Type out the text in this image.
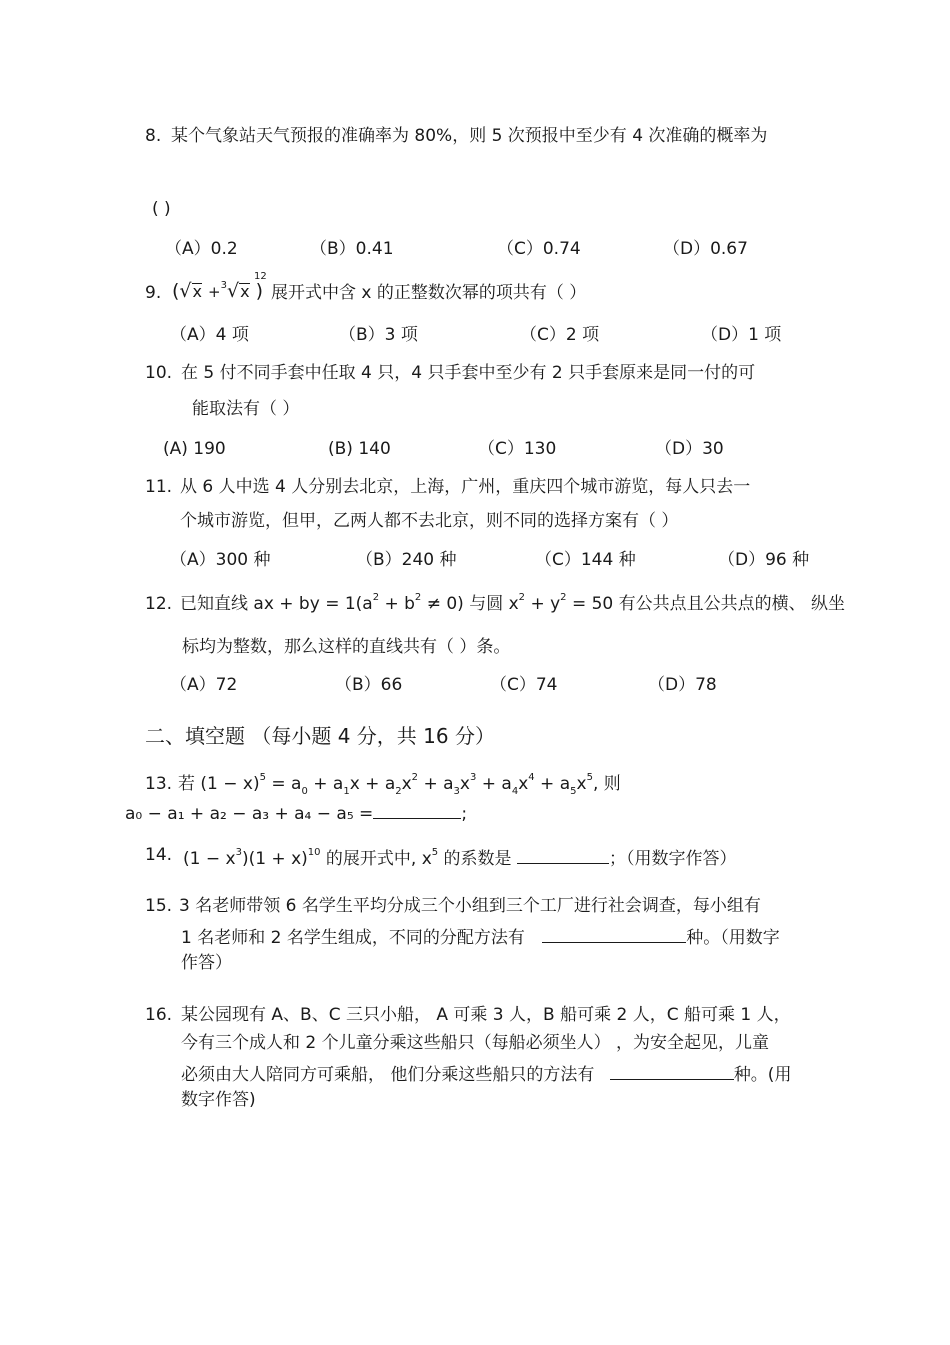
8. 某个气象站天气预报的准确率为 80%，则 5 次预报中至少有 4 次准确的概率为
( )
（A）0.2	（B）0.41	（C）0.74	（D）0.67
9. (√x +$^3$√x )
12
展开式中含 x 的正整数次幂的项共有（ ）
（A）4 项	（B）3 项	（C）2 项	（D）1 项
10. 在 5 付不同手套中任取 4 只，4 只手套中至少有 2 只手套原来是同一付的可
能取法有（ ）
(A) 190	(B) 140	（C）130	（D）30
11. 从 6 人中选 4 人分别去北京，上海，广州，重庆四个城市游览，每人只去一
个城市游览，但甲，乙两人都不去北京，则不同的选择方案有（ ）
（A）300 种	（B）240 种	（C）144 种	（D）96 种
12. 已知直线 ax + by = $1(a^2 + b^2 \ne 0)$ 与圆 $x^2 + y^2 = 50$ 有公共点且公共点的横、 纵坐
标均为整数，那么这样的直线共有（ ）条。
（A）72	（B）66	（C）74	（D）78
二、填空题 （每小题 4 分，共 16 分）
13. 若 $(1 - x)^5 = a_0 + a_1x + a_2x^2 + a_3x^3 + a_4x^4 + a_5x^5$, 则
a₀ − a₁ + a₂ − a₃ + a₄ − a₅ =	;
14. $(1 - x^3)(1 + x)^{10}$ 的展开式中, $x^5$ 的系数是	；（用数字作答）
15. 3 名老师带领 6 名学生平均分成三个小组到三个工厂进行社会调查，每小组有
1 名老师和 2 名学生组成，不同的分配方法有	种。（用数字
作答）
16. 某公园现有 A、B、C 三只小船， A 可乘 3 人，B 船可乘 2 人，C 船可乘 1 人，
今有三个成人和 2 个儿童分乘这些船只（每船必须坐人） ，为安全起见，儿童
必须由大人陪同方可乘船， 他们分乘这些船只的方法有	种。(用
数字作答)
